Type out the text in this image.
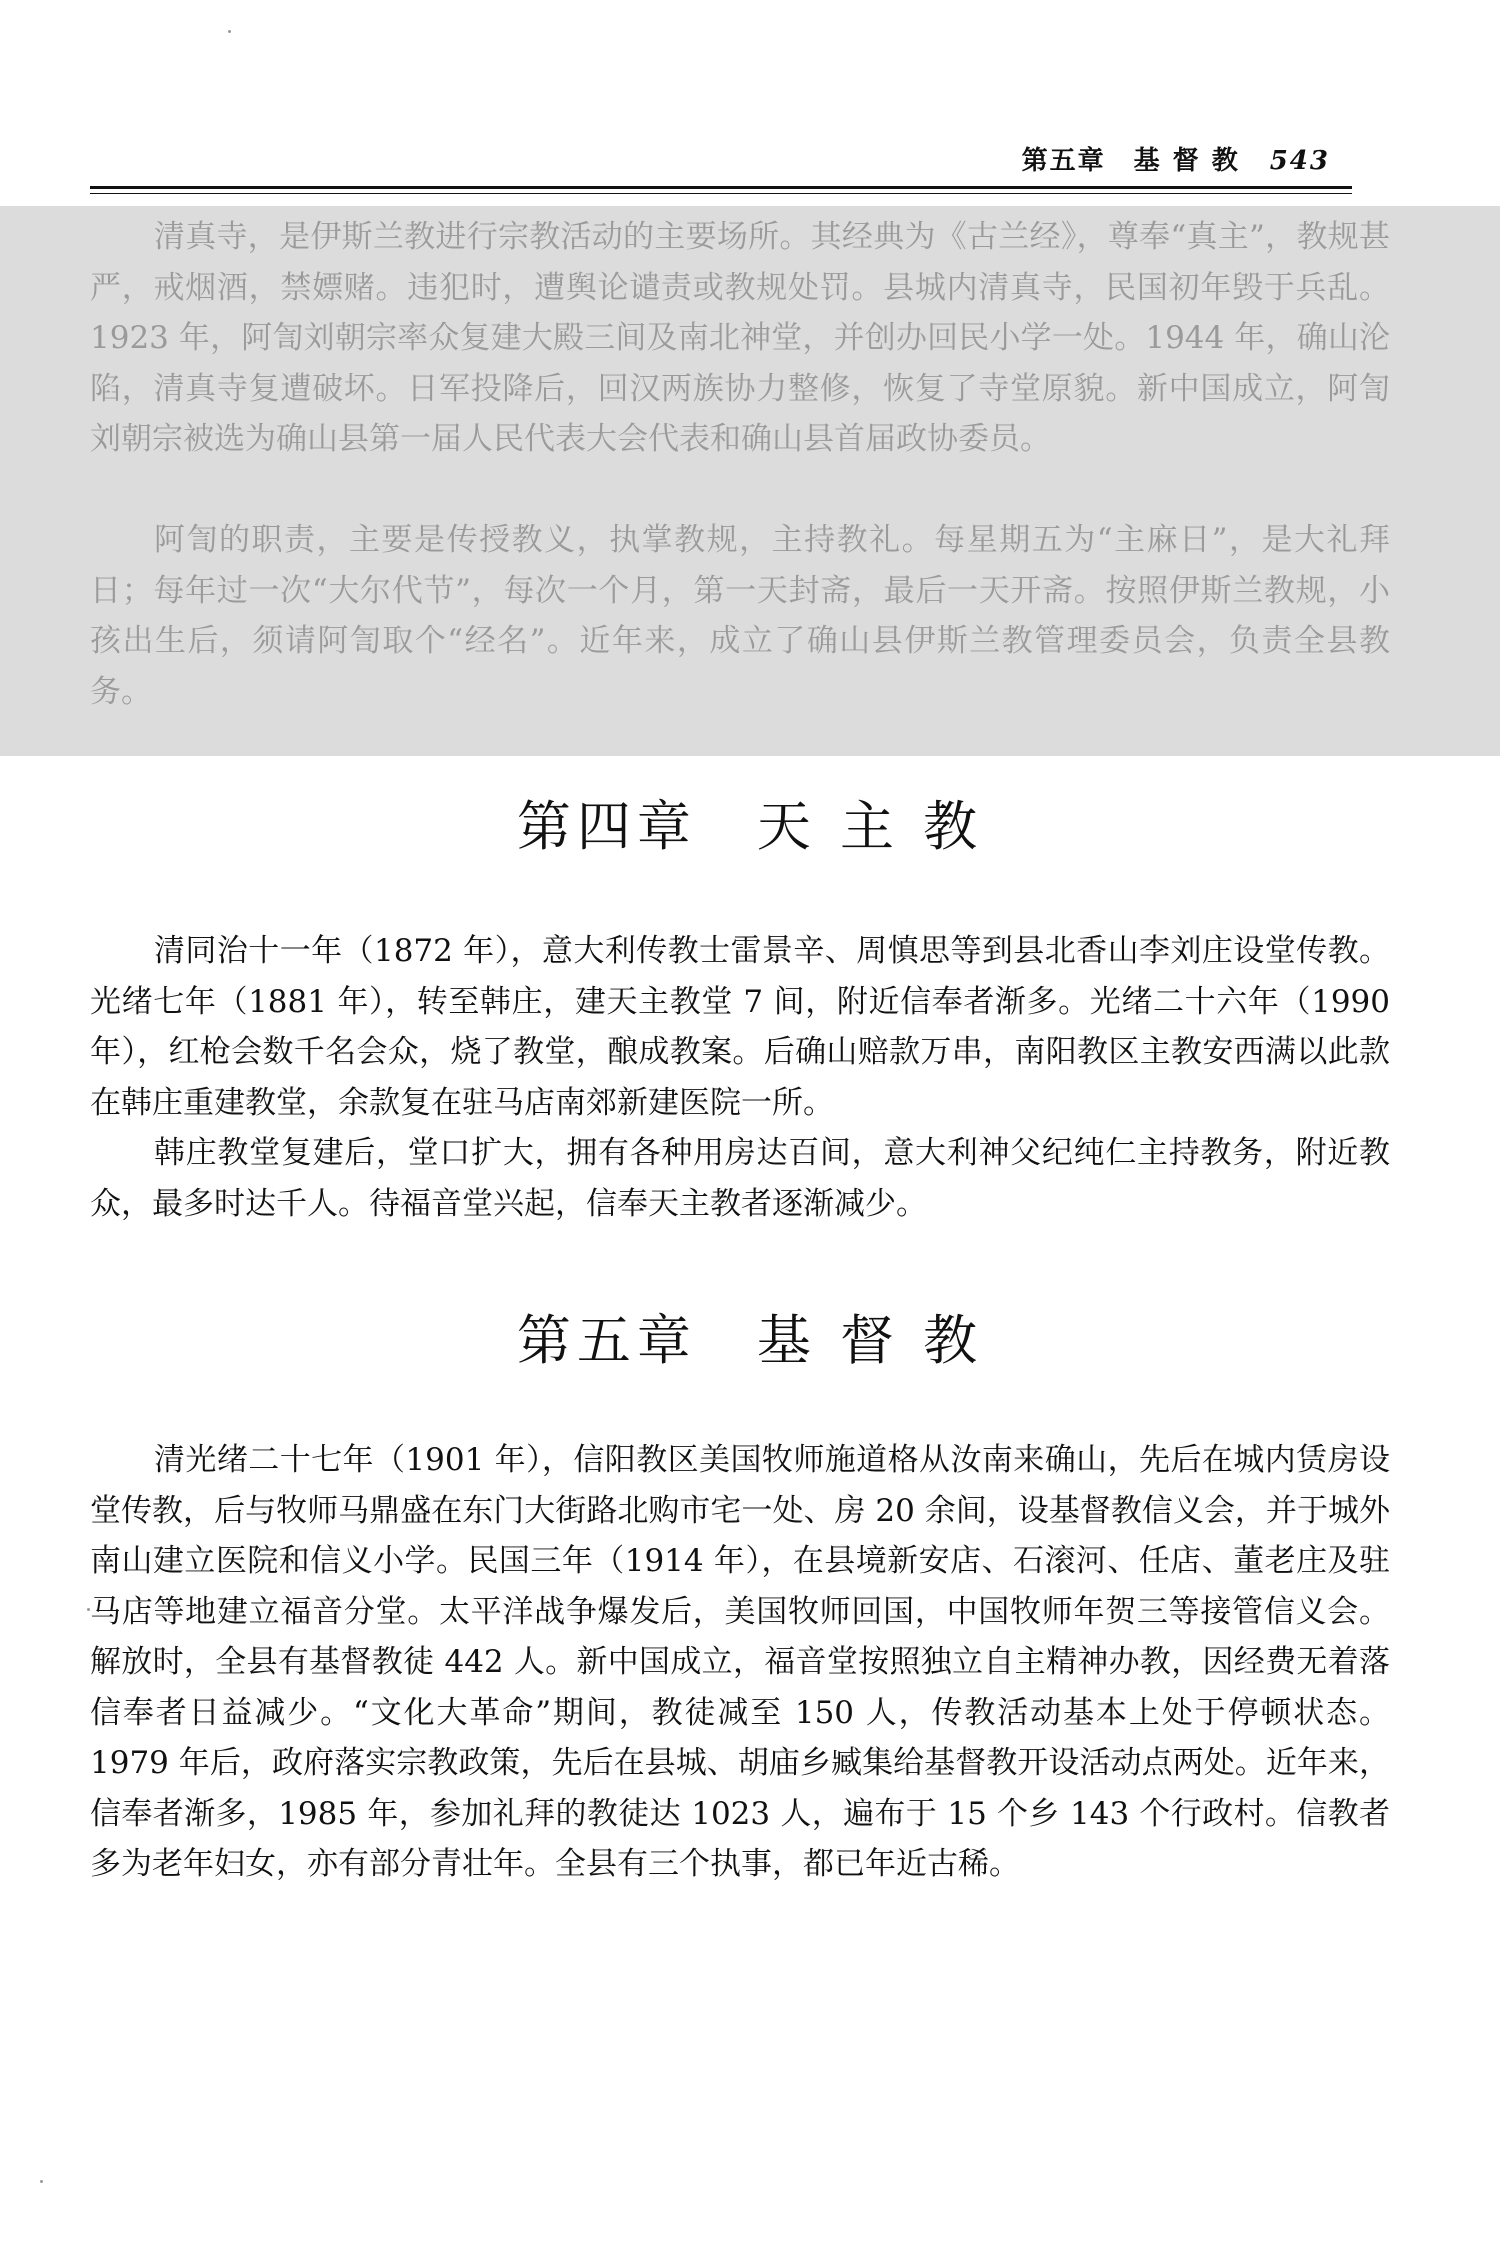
第五章　基 督 教 543

清真寺，是伊斯兰教进行宗教活动的主要场所。其经典为《古兰经》，尊奉“真主”，教规甚严，戒烟酒，禁嫖赌。违犯时，遭舆论谴责或教规处罚。县城内清真寺，民国初年毁于兵乱。1923 年，阿訇刘朝宗率众复建大殿三间及南北神堂，并创办回民小学一处。1944 年，确山沦陷，清真寺复遭破坏。日军投降后，回汉两族协力整修，恢复了寺堂原貌。新中国成立，阿訇刘朝宗被选为确山县第一届人民代表大会代表和确山县首届政协委员。

阿訇的职责，主要是传授教义，执掌教规，主持教礼。每星期五为“主麻日”，是大礼拜日；每年过一次“大尔代节”，每次一个月，第一天封斋，最后一天开斋。按照伊斯兰教规，小孩出生后，须请阿訇取个“经名”。近年来，成立了确山县伊斯兰教管理委员会，负责全县教务。

第四章　天 主 教

清同治十一年（1872 年），意大利传教士雷景辛、周慎思等到县北香山李刘庄设堂传教。光绪七年（1881 年），转至韩庄，建天主教堂 7 间，附近信奉者渐多。光绪二十六年（1990 年），红枪会数千名会众，烧了教堂，酿成教案。后确山赔款万串，南阳教区主教安西满以此款在韩庄重建教堂，余款复在驻马店南郊新建医院一所。

韩庄教堂复建后，堂口扩大，拥有各种用房达百间，意大利神父纪纯仁主持教务，附近教众，最多时达千人。待福音堂兴起，信奉天主教者逐渐减少。

第五章　基 督 教

清光绪二十七年（1901 年），信阳教区美国牧师施道格从汝南来确山，先后在城内赁房设堂传教，后与牧师马鼎盛在东门大街路北购市宅一处、房 20 余间，设基督教信义会，并于城外南山建立医院和信义小学。民国三年（1914 年），在县境新安店、石滚河、任店、董老庄及驻马店等地建立福音分堂。太平洋战争爆发后，美国牧师回国，中国牧师年贺三等接管信义会。解放时，全县有基督教徒 442 人。新中国成立，福音堂按照独立自主精神办教，因经费无着落信奉者日益减少。“文化大革命”期间，教徒减至 150 人，传教活动基本上处于停顿状态。1979 年后，政府落实宗教政策，先后在县城、胡庙乡臧集给基督教开设活动点两处。近年来，信奉者渐多，1985 年，参加礼拜的教徒达 1023 人，遍布于 15 个乡 143 个行政村。信教者多为老年妇女，亦有部分青壮年。全县有三个执事，都已年近古稀。
